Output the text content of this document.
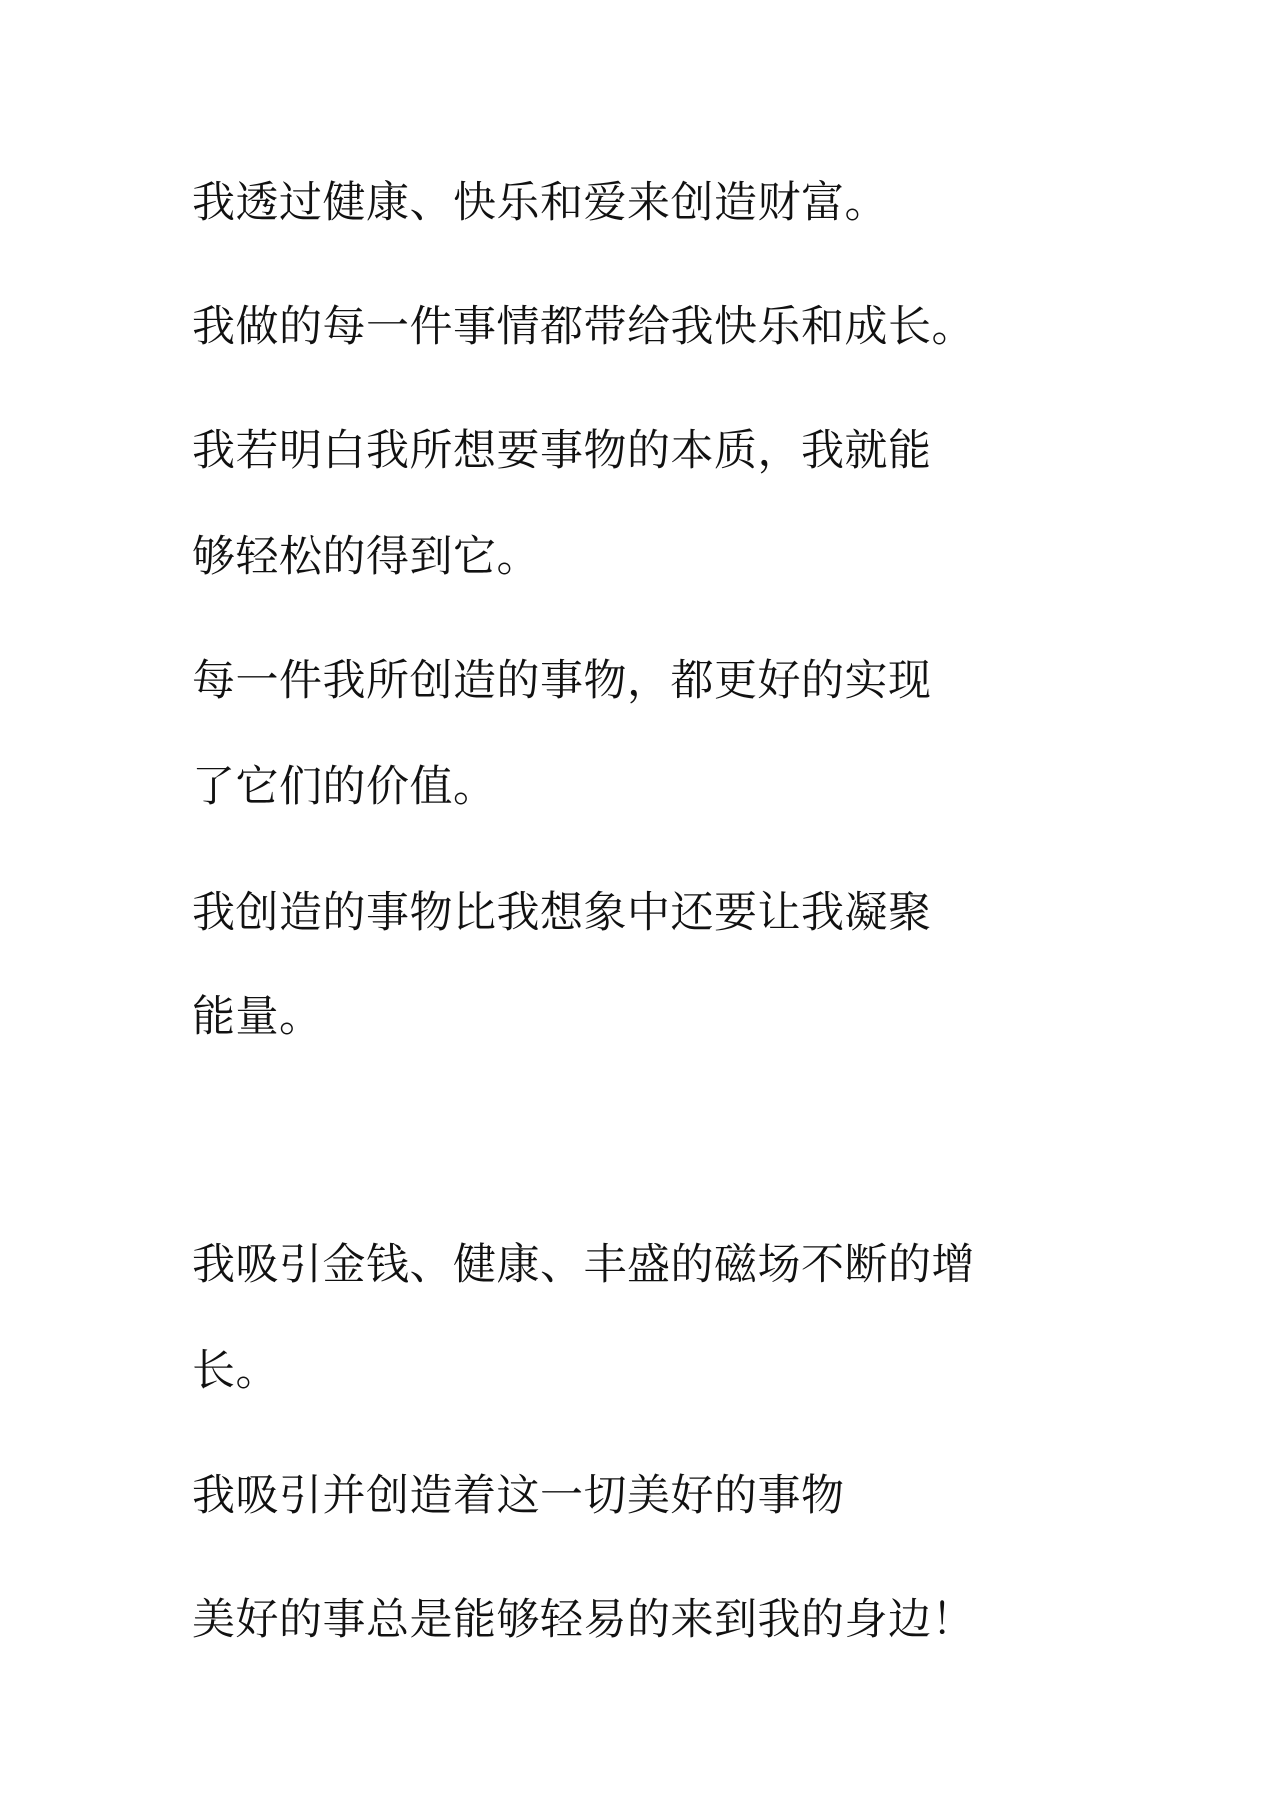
我透过健康、快乐和爱来创造财富。

我做的每一件事情都带给我快乐和成长。

我若明白我所想要事物的本质，我就能

够轻松的得到它。

每一件我所创造的事物，都更好的实现

了它们的价值。

我创造的事物比我想象中还要让我凝聚

能量。

我吸引金钱、健康、丰盛的磁场不断的增

长。

我吸引并创造着这一切美好的事物

美好的事总是能够轻易的来到我的身边！
